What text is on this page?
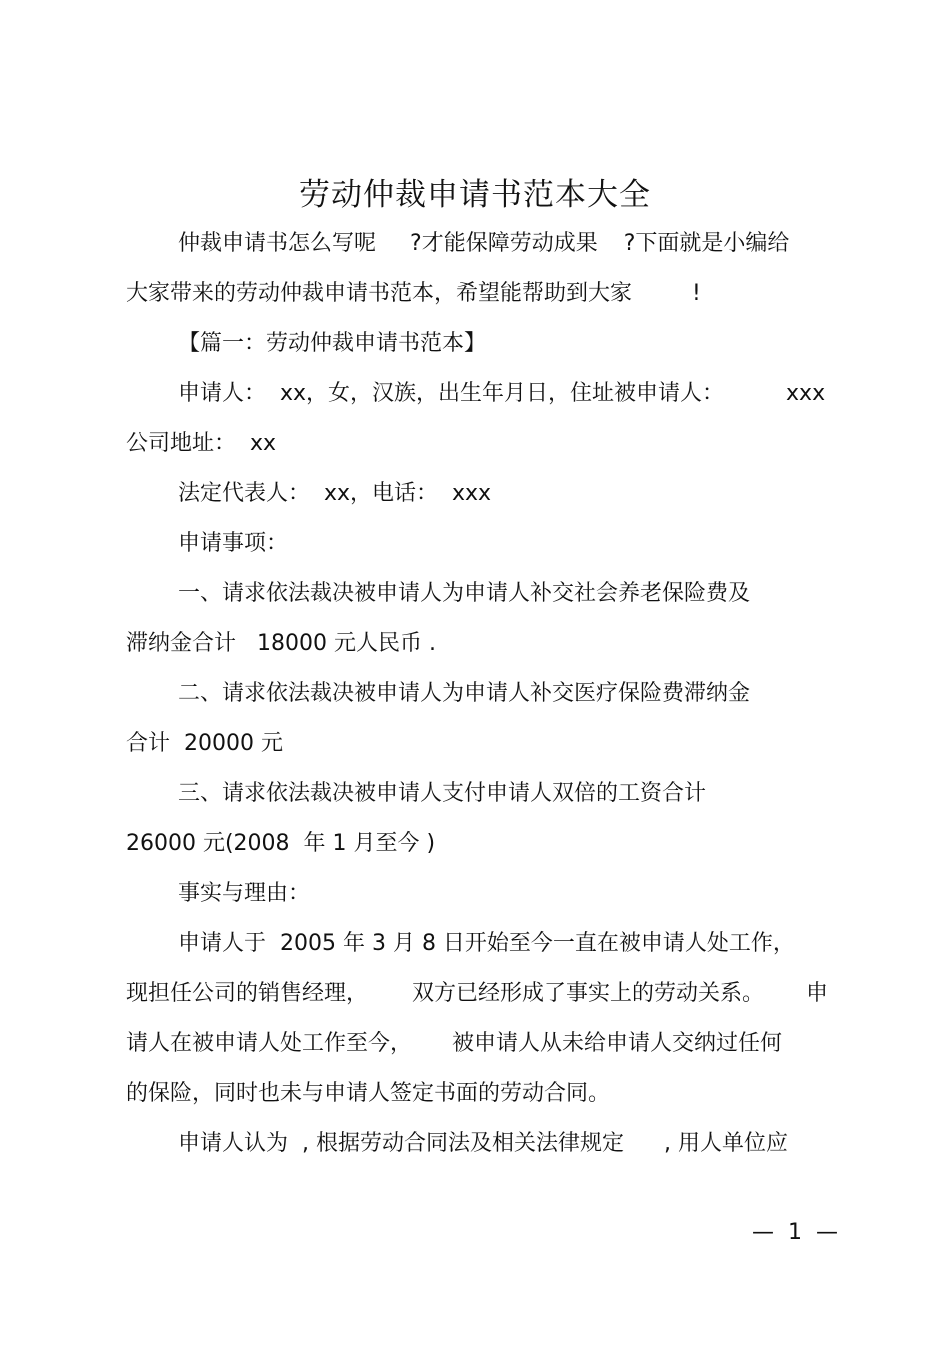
劳动仲裁申请书范本大全
仲裁申请书怎么写呢 ?才能保障劳动成果 ?下面就是小编给
大家带来的劳动仲裁申请书范本，希望能帮助到大家	!
【篇一：劳动仲裁申请书范本】
申请人：  xx，女，汉族，出生年月日，住址被申请人：	xxx
公司地址：  xx
法定代表人：  xx，电话：  xxx
申请事项：
一、请求依法裁决被申请人为申请人补交社会养老保险费及
滞纳金合计   18000 元人民币 .
二、请求依法裁决被申请人为申请人补交医疗保险费滞纳金
合计  20000 元
三、请求依法裁决被申请人支付申请人双倍的工资合计
26000 元(2008  年 1 月至今 )
事实与理由：
申请人于  2005 年 3 月 8 日开始至今一直在被申请人处工作，
现担任公司的销售经理， 双方已经形成了事实上的劳动关系。 申
请人在被申请人处工作至今， 被申请人从未给申请人交纳过任何
的保险，同时也未与申请人签定书面的劳动合同。
申请人认为  , 根据劳动合同法及相关法律规定 , 用人单位应
—  1  —
